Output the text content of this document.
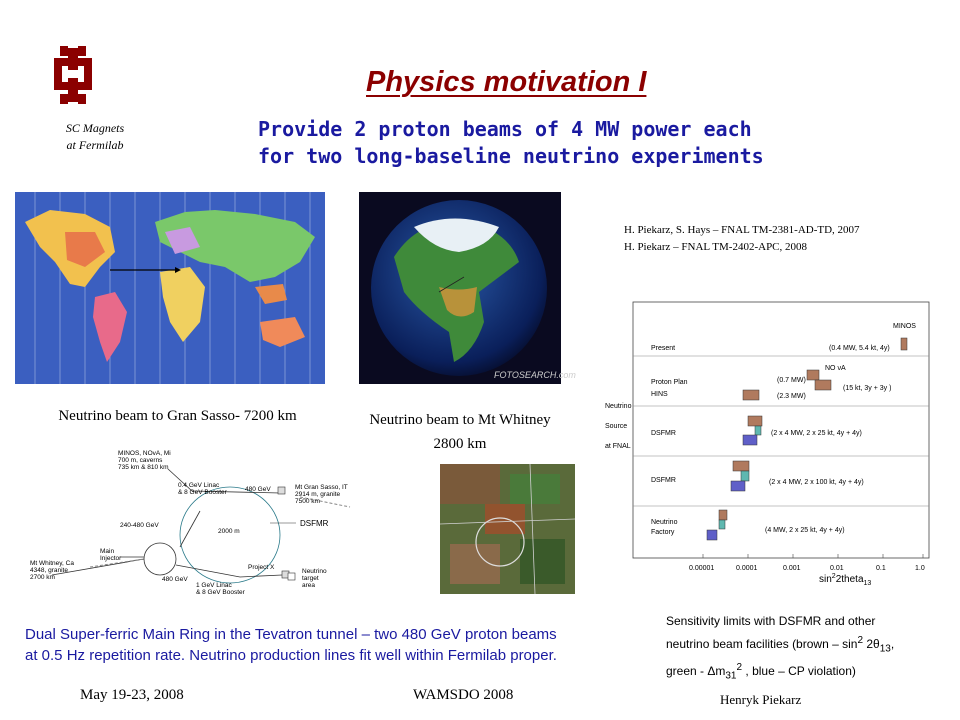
SC Magnets
at Fermilab
Physics motivation I
Provide 2 proton beams of 4 MW power each
for two long-baseline neutrino experiments
H. Piekarz, S. Hays – FNAL TM-2381-AD-TD, 2007
H. Piekarz – FNAL TM-2402-APC, 2008
FOTOSEARCH.com
Neutrino beam to Gran Sasso- 7200 km	Neutrino beam to Mt Whitney
2800 km
MINOS, NOvA, Mi
700 m, caverns
735 km & 810 km
0.4 GeV Linac
& 8 GeV Booster	480 GeV	Mt Gran Sasso, IT
2914 m, granite
7500 km
240-480 GeV
2000 m
DSFMR
Mt Whitney, Ca
4348, granite
2700 km
Main
Injector
480 GeV
Project X
1 GeV Linac
& 8 GeV Booster
Neutrino
target
area
Neutrino
Source
at FNAL
Present
Proton Plan
HINS
DSFMR
DSFMR
Neutrino
Factory
MINOS
(0.4 MW, 5.4 kt, 4y)
NO νA
(0.7 MW)
(15 kt, 3y + 3y )
(2.3 MW)
(2 x 4 MW, 2 x 25 kt, 4y + 4y)
(2 x 4 MW, 2 x 100 kt, 4y + 4y)
(4 MW, 2 x 25 kt, 4y + 4y)
0.00001	0.0001	0.001	0.01	0.1	1.0
$\sin^22theta_{13}$
Dual Super-ferric Main Ring in the Tevatron tunnel – two 480 GeV proton beams
at 0.5 Hz repetition rate. Neutrino production lines fit well within Fermilab proper.
Sensitivity limits with DSFMR and other
neutrino beam facilities (brown – $\sin^2 2\theta_{13}$,
green - $\Delta m_{31}^2$ , blue – CP violation)
May 19-23, 2008	WAMSDO 2008	Henryk Piekarz
